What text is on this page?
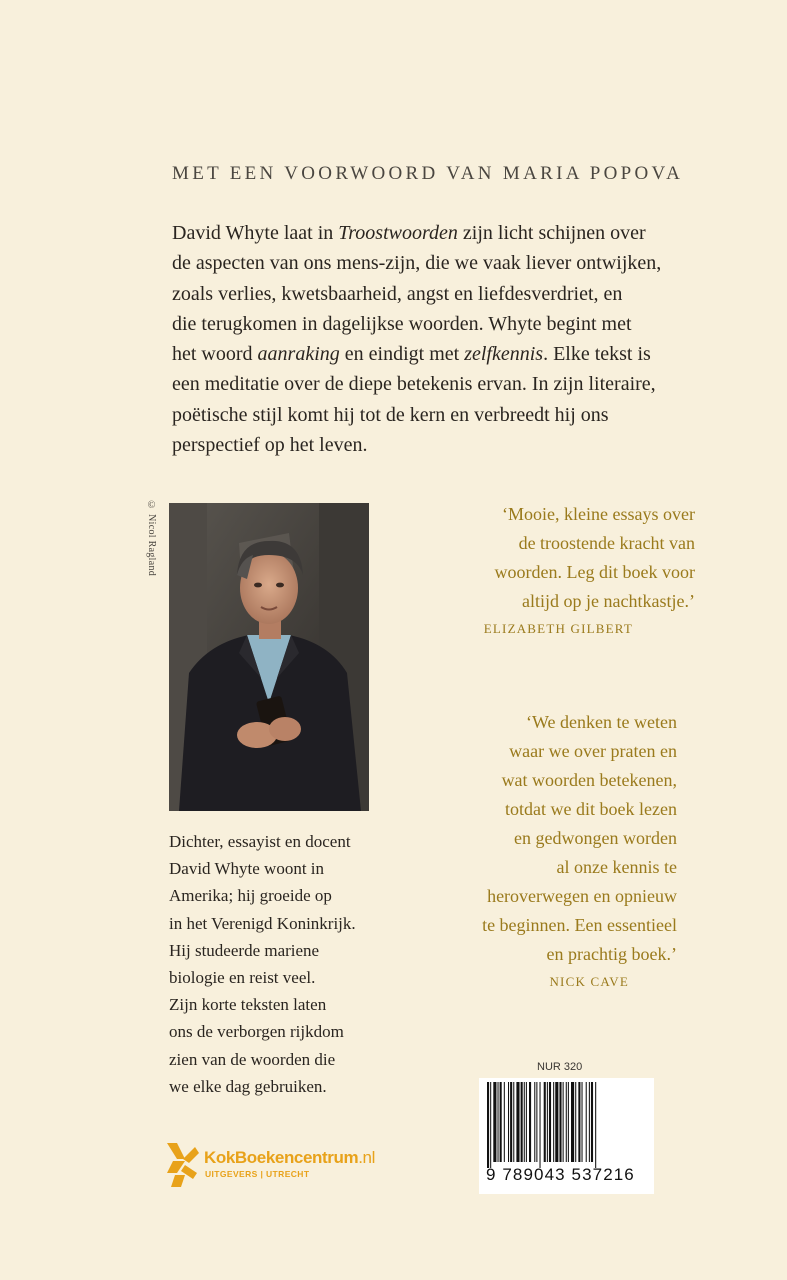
MET EEN VOORWOORD VAN MARIA POPOVA

David Whyte laat in Troostwoorden zijn licht schijnen over

de aspecten van ons mens-zijn, die we vaak liever ontwijken,

zoals verlies, kwetsbaarheid, angst en liefdesverdriet, en

die terugkomen in dagelijkse woorden. Whyte begint met

het woord aanraking en eindigt met zelfkennis. Elke tekst is

een meditatie over de diepe betekenis ervan. In zijn literaire,

poëtische stijl komt hij tot de kern en verbreedt hij ons

perspectief op het leven.

© Nicol Ragland

Dichter, essayist en docent

David Whyte woont in

Amerika; hij groeide op

in het Verenigd Koninkrijk.

Hij studeerde mariene

biologie en reist veel.

Zijn korte teksten laten

ons de verborgen rijkdom

zien van de woorden die

we elke dag gebruiken.

‘Mooie, kleine essays over

de troostende kracht van

woorden. Leg dit boek voor

altijd op je nachtkastje.’

ELIZABETH GILBERT

‘We denken te weten

waar we over praten en

wat woorden betekenen,

totdat we dit boek lezen

en gedwongen worden

al onze kennis te

heroverwegen en opnieuw

te beginnen. Een essentieel

en prachtig boek.’

NICK CAVE

NUR 320
9 789043 537216
KokBoekencentrum.nl
UITGEVERS | UTRECHT
